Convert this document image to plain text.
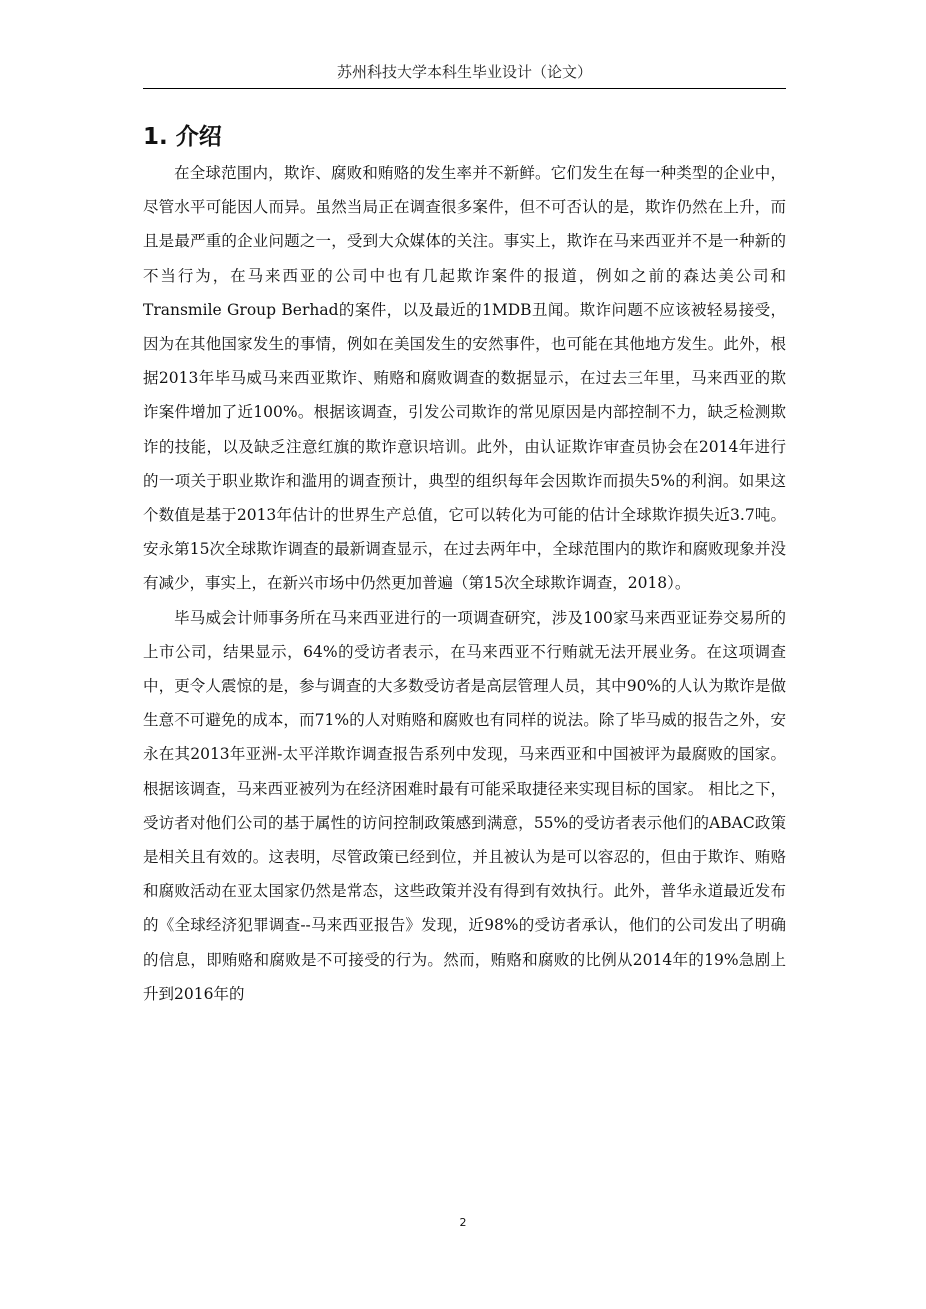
苏州科技大学本科生毕业设计（论文）
1. 介绍

在全球范围内，欺诈、腐败和贿赂的发生率并不新鲜。它们发生在每一种类型的企业中，尽管水平可能因人而异。虽然当局正在调查很多案件，但不可否认的是，欺诈仍然在上升，而且是最严重的企业问题之一，受到大众媒体的关注。事实上，欺诈在马来西亚并不是一种新的不当行为，在马来西亚的公司中也有几起欺诈案件的报道，例如之前的森达美公司和Transmile Group Berhad的案件，以及最近的1MDB丑闻。欺诈问题不应该被轻易接受，因为在其他国家发生的事情，例如在美国发生的安然事件，也可能在其他地方发生。此外，根据2013年毕马威马来西亚欺诈、贿赂和腐败调查的数据显示，在过去三年里，马来西亚的欺诈案件增加了近100%。根据该调查，引发公司欺诈的常见原因是内部控制不力，缺乏检测欺诈的技能，以及缺乏注意红旗的欺诈意识培训。此外，由认证欺诈审查员协会在2014年进行的一项关于职业欺诈和滥用的调查预计，典型的组织每年会因欺诈而损失5%的利润。如果这个数值是基于2013年估计的世界生产总值，它可以转化为可能的估计全球欺诈损失近3.7吨。安永第15次全球欺诈调查的最新调查显示，在过去两年中，全球范围内的欺诈和腐败现象并没有减少，事实上，在新兴市场中仍然更加普遍（第15次全球欺诈调查，2018）。

毕马威会计师事务所在马来西亚进行的一项调查研究，涉及100家马来西亚证券交易所的上市公司，结果显示，64%的受访者表示，在马来西亚不行贿就无法开展业务。在这项调查中，更令人震惊的是，参与调查的大多数受访者是高层管理人员，其中90%的人认为欺诈是做生意不可避免的成本，而71%的人对贿赂和腐败也有同样的说法。除了毕马威的报告之外，安永在其2013年亚洲-太平洋欺诈调查报告系列中发现，马来西亚和中国被评为最腐败的国家。根据该调查，马来西亚被列为在经济困难时最有可能采取捷径来实现目标的国家。 相比之下，受访者对他们公司的基于属性的访问控制政策感到满意，55%的受访者表示他们的ABAC政策是相关且有效的。这表明，尽管政策已经到位，并且被认为是可以容忍的，但由于欺诈、贿赂和腐败活动在亚太国家仍然是常态，这些政策并没有得到有效执行。此外，普华永道最近发布的《全球经济犯罪调查--马来西亚报告》发现，近98%的受访者承认，他们的公司发出了明确的信息，即贿赂和腐败是不可接受的行为。然而，贿赂和腐败的比例从2014年的19%急剧上升到2016年的

2
